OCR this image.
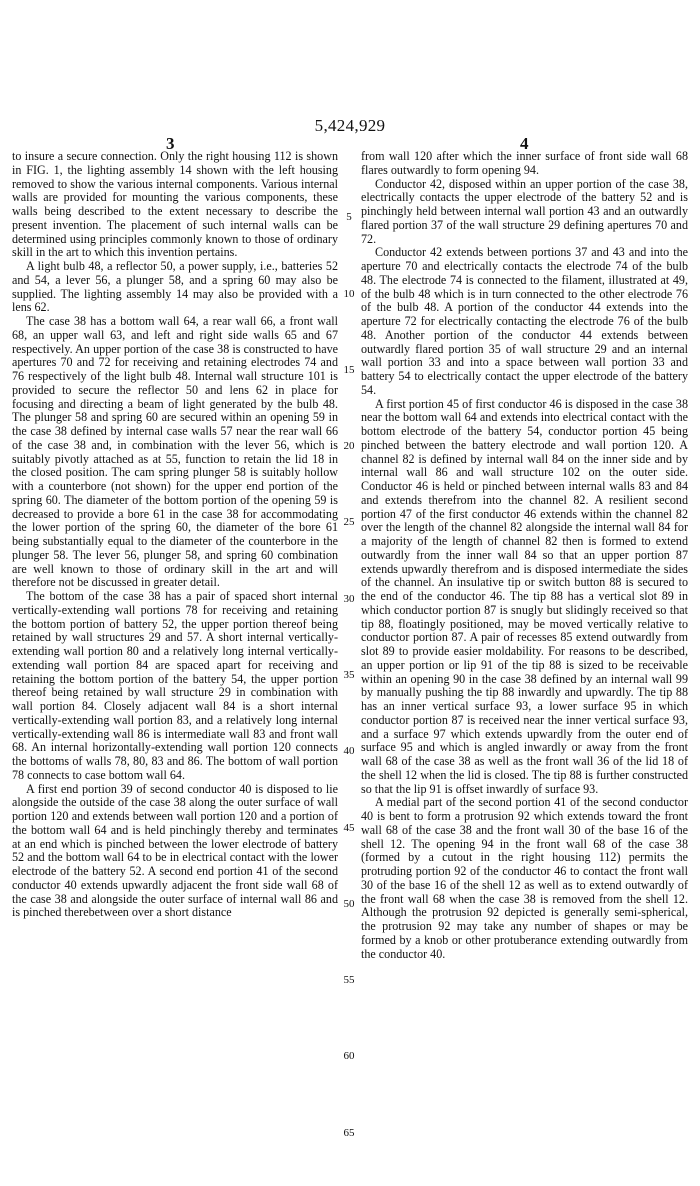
5,424,929
3	4

to insure a secure connection. Only the right housing 112 is shown in FIG. 1, the lighting assembly 14 shown with the left housing removed to show the various internal components. Various internal walls are provided for mounting the various components, these walls being described to the extent necessary to describe the present invention. The placement of such internal walls can be determined using principles commonly known to those of ordinary skill in the art to which this invention pertains.

A light bulb 48, a reflector 50, a power supply, i.e., batteries 52 and 54, a lever 56, a plunger 58, and a spring 60 may also be supplied. The lighting assembly 14 may also be provided with a lens 62.

The case 38 has a bottom wall 64, a rear wall 66, a front wall 68, an upper wall 63, and left and right side walls 65 and 67 respectively. An upper portion of the case 38 is constructed to have apertures 70 and 72 for receiving and retaining electrodes 74 and 76 respectively of the light bulb 48. Internal wall structure 101 is provided to secure the reflector 50 and lens 62 in place for focusing and directing a beam of light generated by the bulb 48. The plunger 58 and spring 60 are secured within an opening 59 in the case 38 defined by internal case walls 57 near the rear wall 66 of the case 38 and, in combination with the lever 56, which is suitably pivotly attached as at 55, function to retain the lid 18 in the closed position. The cam spring plunger 58 is suitably hollow with a counterbore (not shown) for the upper end portion of the spring 60. The diameter of the bottom portion of the opening 59 is decreased to provide a bore 61 in the case 38 for accommodating the lower portion of the spring 60, the diameter of the bore 61 being substantially equal to the diameter of the counterbore in the plunger 58. The lever 56, plunger 58, and spring 60 combination are well known to those of ordinary skill in the art and will therefore not be discussed in greater detail.

The bottom of the case 38 has a pair of spaced short internal vertically-extending wall portions 78 for receiving and retaining the bottom portion of battery 52, the upper portion thereof being retained by wall structures 29 and 57. A short internal vertically-extending wall portion 80 and a relatively long internal vertically-extending wall portion 84 are spaced apart for receiving and retaining the bottom portion of the battery 54, the upper portion thereof being retained by wall structure 29 in combination with wall portion 84. Closely adjacent wall 84 is a short internal vertically-extending wall portion 83, and a relatively long internal vertically-extending wall 86 is intermediate wall 83 and front wall 68. An internal horizontally-extending wall portion 120 connects the bottoms of walls 78, 80, 83 and 86. The bottom of wall portion 78 connects to case bottom wall 64.

A first end portion 39 of second conductor 40 is disposed to lie alongside the outside of the case 38 along the outer surface of wall portion 120 and extends between wall portion 120 and a portion of the bottom wall 64 and is held pinchingly thereby and terminates at an end which is pinched between the lower electrode of battery 52 and the bottom wall 64 to be in electrical contact with the lower electrode of the battery 52. A second end portion 41 of the second conductor 40 extends upwardly adjacent the front side wall 68 of the case 38 and alongside the outer surface of internal wall 86 and is pinched therebetween over a short distance

from wall 120 after which the inner surface of front side wall 68 flares outwardly to form opening 94.

Conductor 42, disposed within an upper portion of the case 38, electrically contacts the upper electrode of the battery 52 and is pinchingly held between internal wall portion 43 and an outwardly flared portion 37 of the wall structure 29 defining apertures 70 and 72.

Conductor 42 extends between portions 37 and 43 and into the aperture 70 and electrically contacts the electrode 74 of the bulb 48. The electrode 74 is connected to the filament, illustrated at 49, of the bulb 48 which is in turn connected to the other electrode 76 of the bulb 48. A portion of the conductor 44 extends into the aperture 72 for electrically contacting the electrode 76 of the bulb 48. Another portion of the conductor 44 extends between outwardly flared portion 35 of wall structure 29 and an internal wall portion 33 and into a space between wall portion 33 and battery 54 to electrically contact the upper electrode of the battery 54.

A first portion 45 of first conductor 46 is disposed in the case 38 near the bottom wall 64 and extends into electrical contact with the bottom electrode of the battery 54, conductor portion 45 being pinched between the battery electrode and wall portion 120. A channel 82 is defined by internal wall 84 on the inner side and by internal wall 86 and wall structure 102 on the outer side. Conductor 46 is held or pinched between internal walls 83 and 84 and extends therefrom into the channel 82. A resilient second portion 47 of the first conductor 46 extends within the channel 82 over the length of the channel 82 alongside the internal wall 84 for a majority of the length of channel 82 then is formed to extend outwardly from the inner wall 84 so that an upper portion 87 extends upwardly therefrom and is disposed intermediate the sides of the channel. An insulative tip or switch button 88 is secured to the end of the conductor 46. The tip 88 has a vertical slot 89 in which conductor portion 87 is snugly but slidingly received so that tip 88, floatingly positioned, may be moved vertically relative to conductor portion 87. A pair of recesses 85 extend outwardly from slot 89 to provide easier moldability. For reasons to be described, an upper portion or lip 91 of the tip 88 is sized to be receivable within an opening 90 in the case 38 defined by an internal wall 99 by manually pushing the tip 88 inwardly and upwardly. The tip 88 has an inner vertical surface 93, a lower surface 95 in which conductor portion 87 is received near the inner vertical surface 93, and a surface 97 which extends upwardly from the outer end of surface 95 and which is angled inwardly or away from the front wall 68 of the case 38 as well as the front wall 36 of the lid 18 of the shell 12 when the lid is closed. The tip 88 is further constructed so that the lip 91 is offset inwardly of surface 93.

A medial part of the second portion 41 of the second conductor 40 is bent to form a protrusion 92 which extends toward the front wall 68 of the case 38 and the front wall 30 of the base 16 of the shell 12. The opening 94 in the front wall 68 of the case 38 (formed by a cutout in the right housing 112) permits the protruding portion 92 of the conductor 46 to contact the front wall 30 of the base 16 of the shell 12 as well as to extend outwardly of the front wall 68 when the case 38 is removed from the shell 12. Although the protrusion 92 depicted is generally semi-spherical, the protrusion 92 may take any number of shapes or may be formed by a knob or other protuberance extending outwardly from the conductor 40.

5
10
15
20
25
30
35
40
45
50
55
60
65
